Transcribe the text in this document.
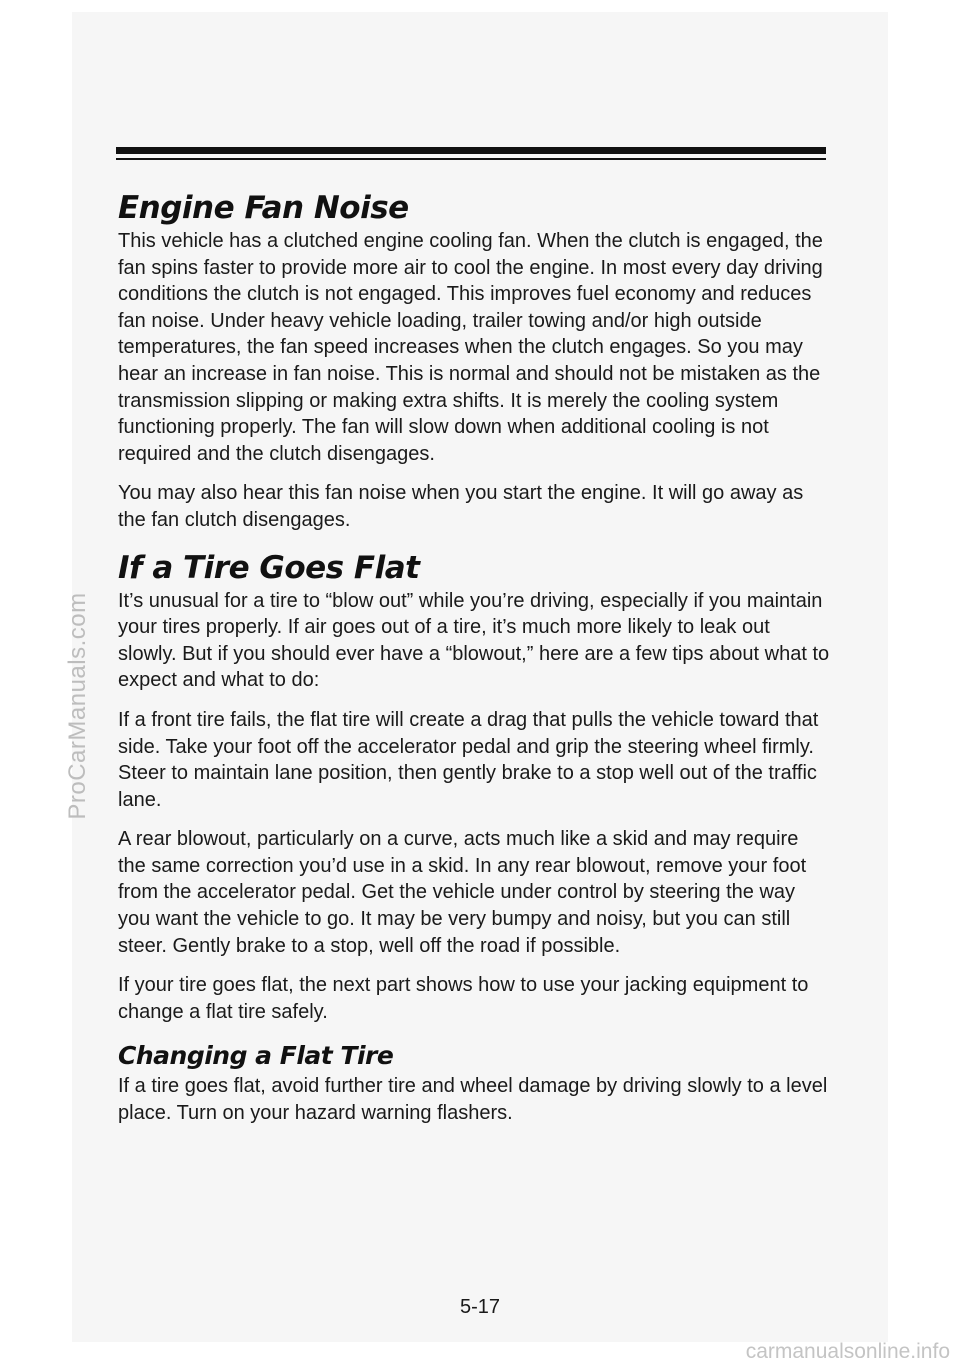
Engine Fan Noise

This vehicle has a clutched engine cooling fan. When the clutch is engaged, the fan spins faster to provide more air to cool the engine. In most every day driving conditions the clutch is not engaged. This improves fuel economy and reduces fan noise. Under heavy vehicle loading, trailer towing and/or high outside temperatures, the fan speed increases when the clutch engages. So you may hear an increase in fan noise. This is normal and should not be mistaken as the transmission slipping or making extra shifts. It is merely the cooling system functioning properly. The fan will slow down when additional cooling is not required and the clutch disengages.

You may also hear this fan noise when you start the engine. It will go away as the fan clutch disengages.

If a Tire Goes Flat

It’s unusual for a tire to “blow out” while you’re driving, especially if you maintain your tires properly. If air goes out of a tire, it’s much more likely to leak out slowly. But if you should ever have a “blowout,” here are a few tips about what to expect and what to do:

If a front tire fails, the flat tire will create a drag that pulls the vehicle toward that side. Take your foot off the accelerator pedal and grip the steering wheel firmly. Steer to maintain lane position, then gently brake to a stop well out of the traffic lane.

A rear blowout, particularly on a curve, acts much like a skid and may require the same correction you’d use in a skid. In any rear blowout, remove your foot from the accelerator pedal. Get the vehicle under control by steering the way you want the vehicle to go. It may be very bumpy and noisy, but you can still steer. Gently brake to a stop, well off the road if possible.

If your tire goes flat, the next part shows how to use your jacking equipment to change a flat tire safely.

Changing a Flat Tire

If a tire goes flat, avoid further tire and wheel damage by driving slowly to a level place. Turn on your hazard warning flashers.

5-17
ProCarManuals.com
carmanualsonline.info
